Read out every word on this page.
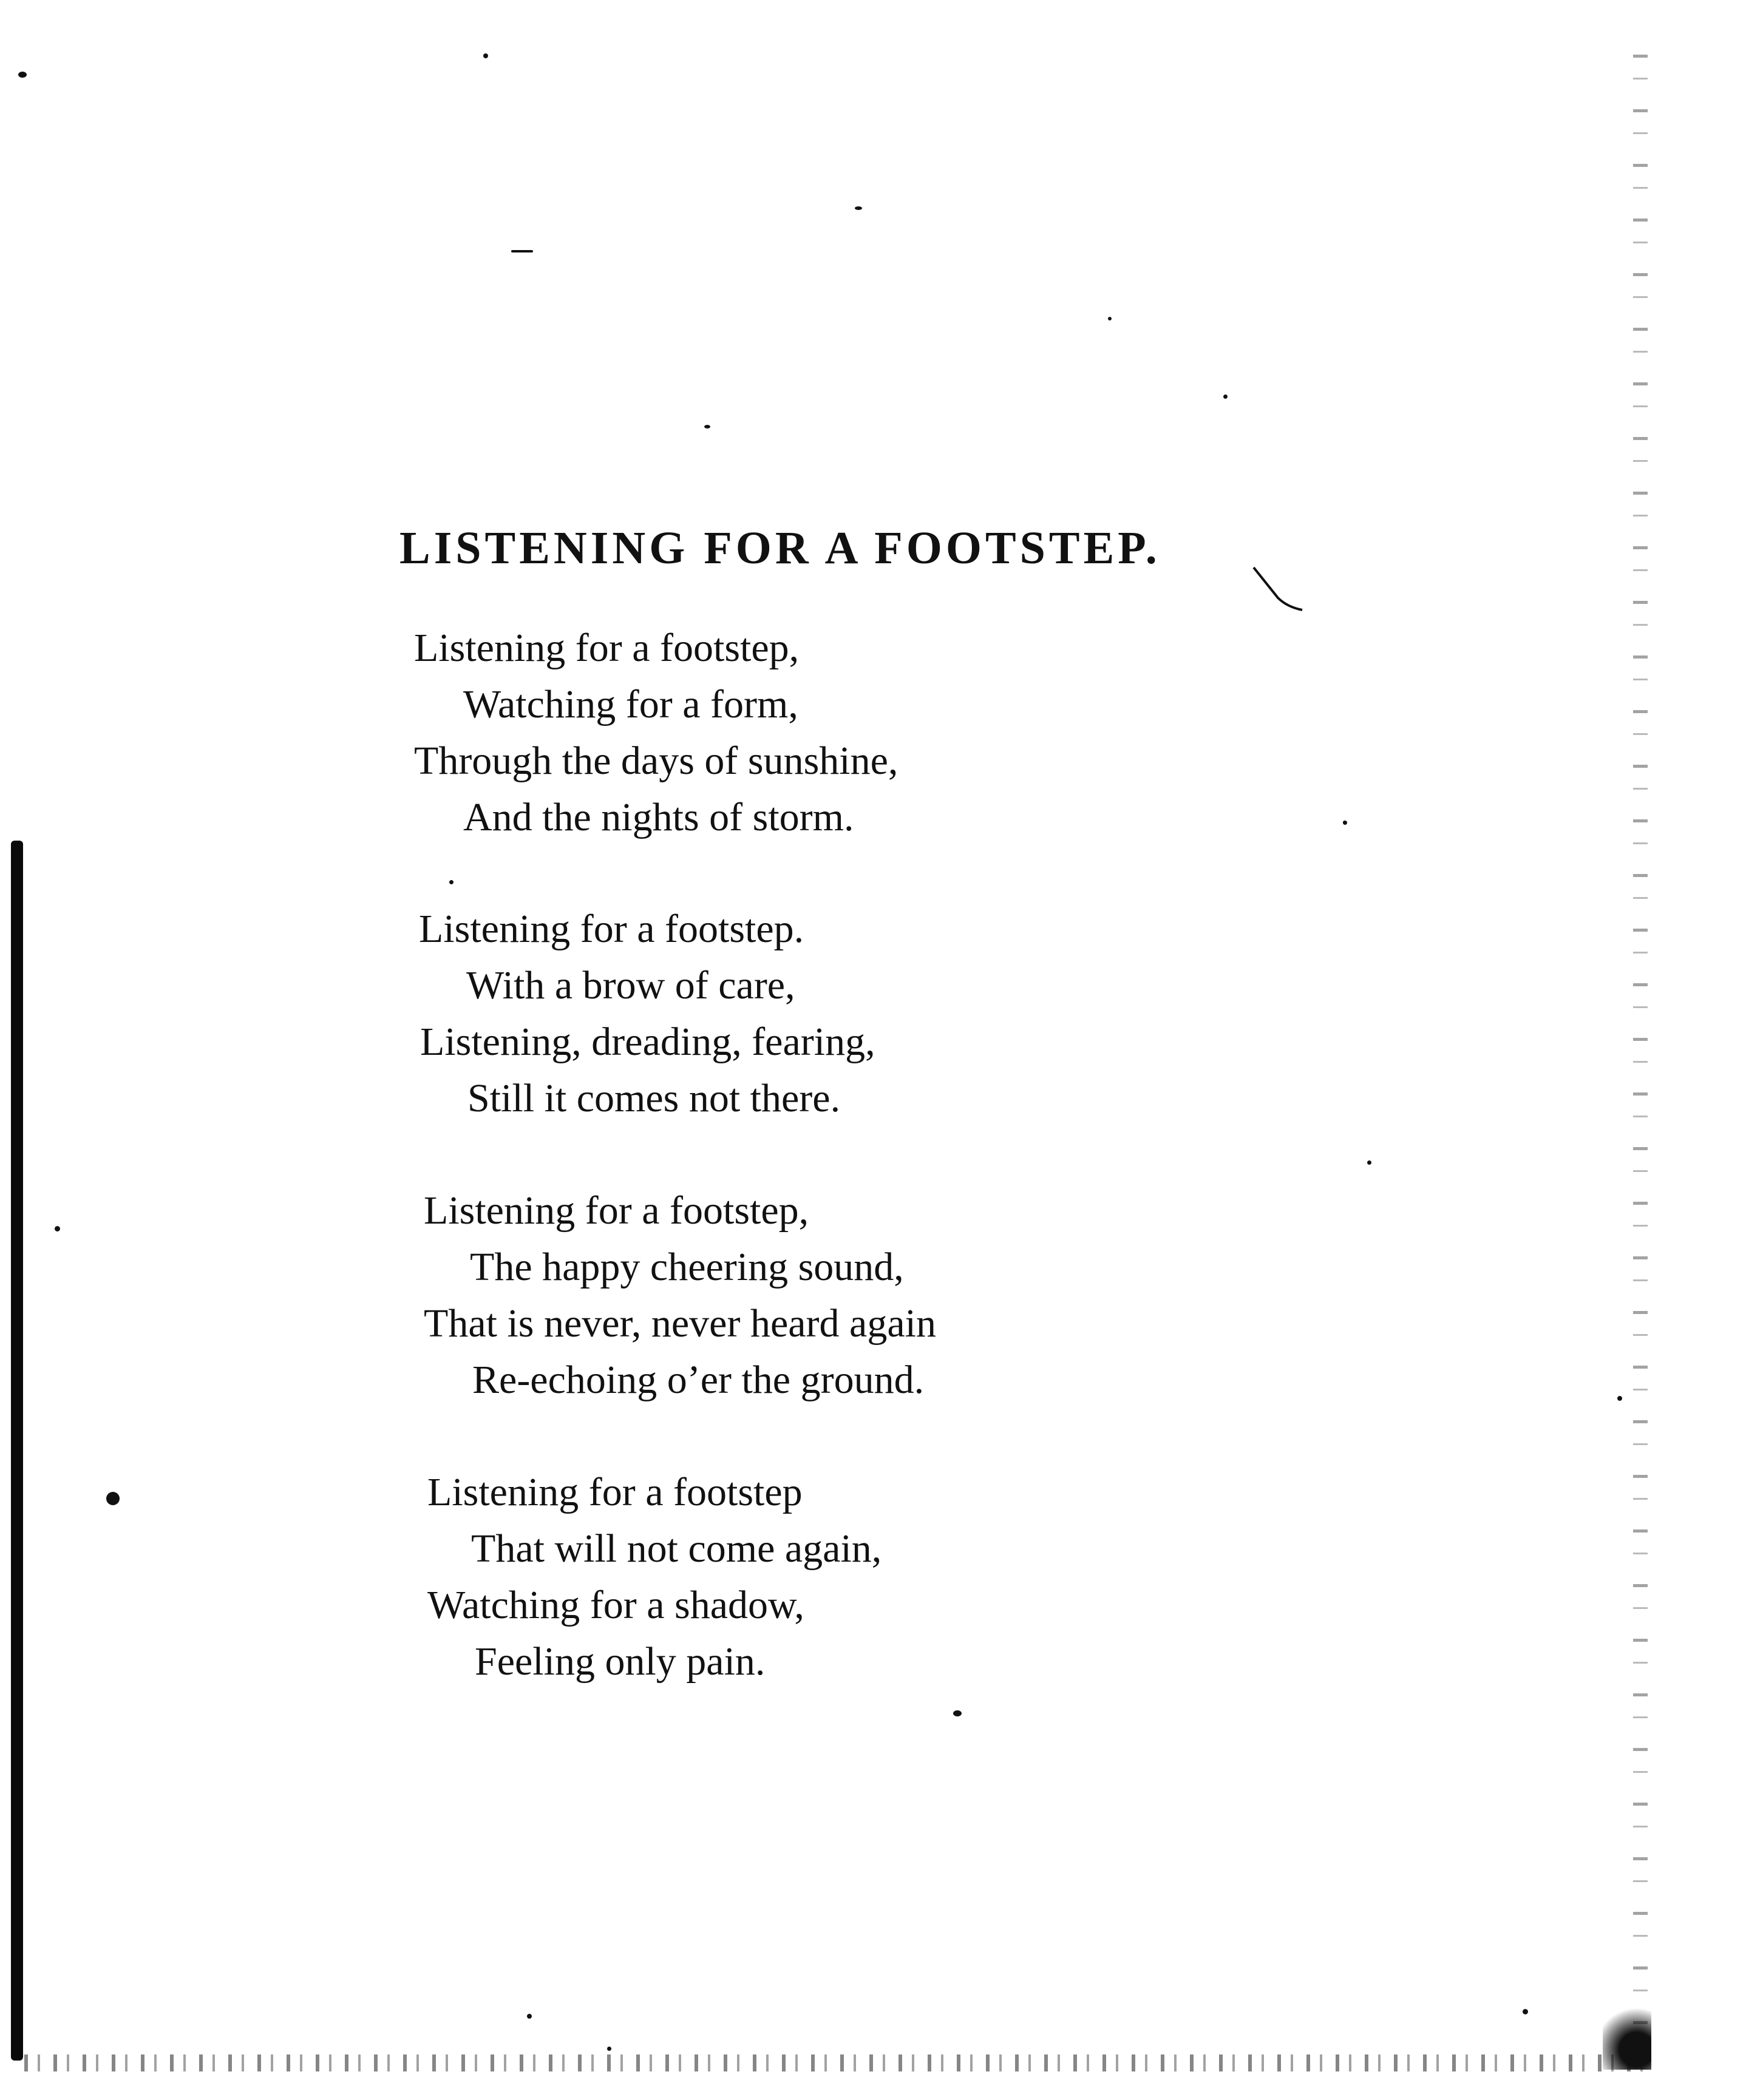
LISTENING FOR A FOOTSTEP.
Listening for a footstep,
Watching for a form,
Through the days of sunshine,
And the nights of storm.
Listening for a footstep.
With a brow of care,
Listening, dreading, fearing,
Still it comes not there.
Listening for a footstep,
The happy cheering sound,
That is never, never heard again
Re-echoing o’er the ground.
Listening for a footstep
That will not come again,
Watching for a shadow,
Feeling only pain.
